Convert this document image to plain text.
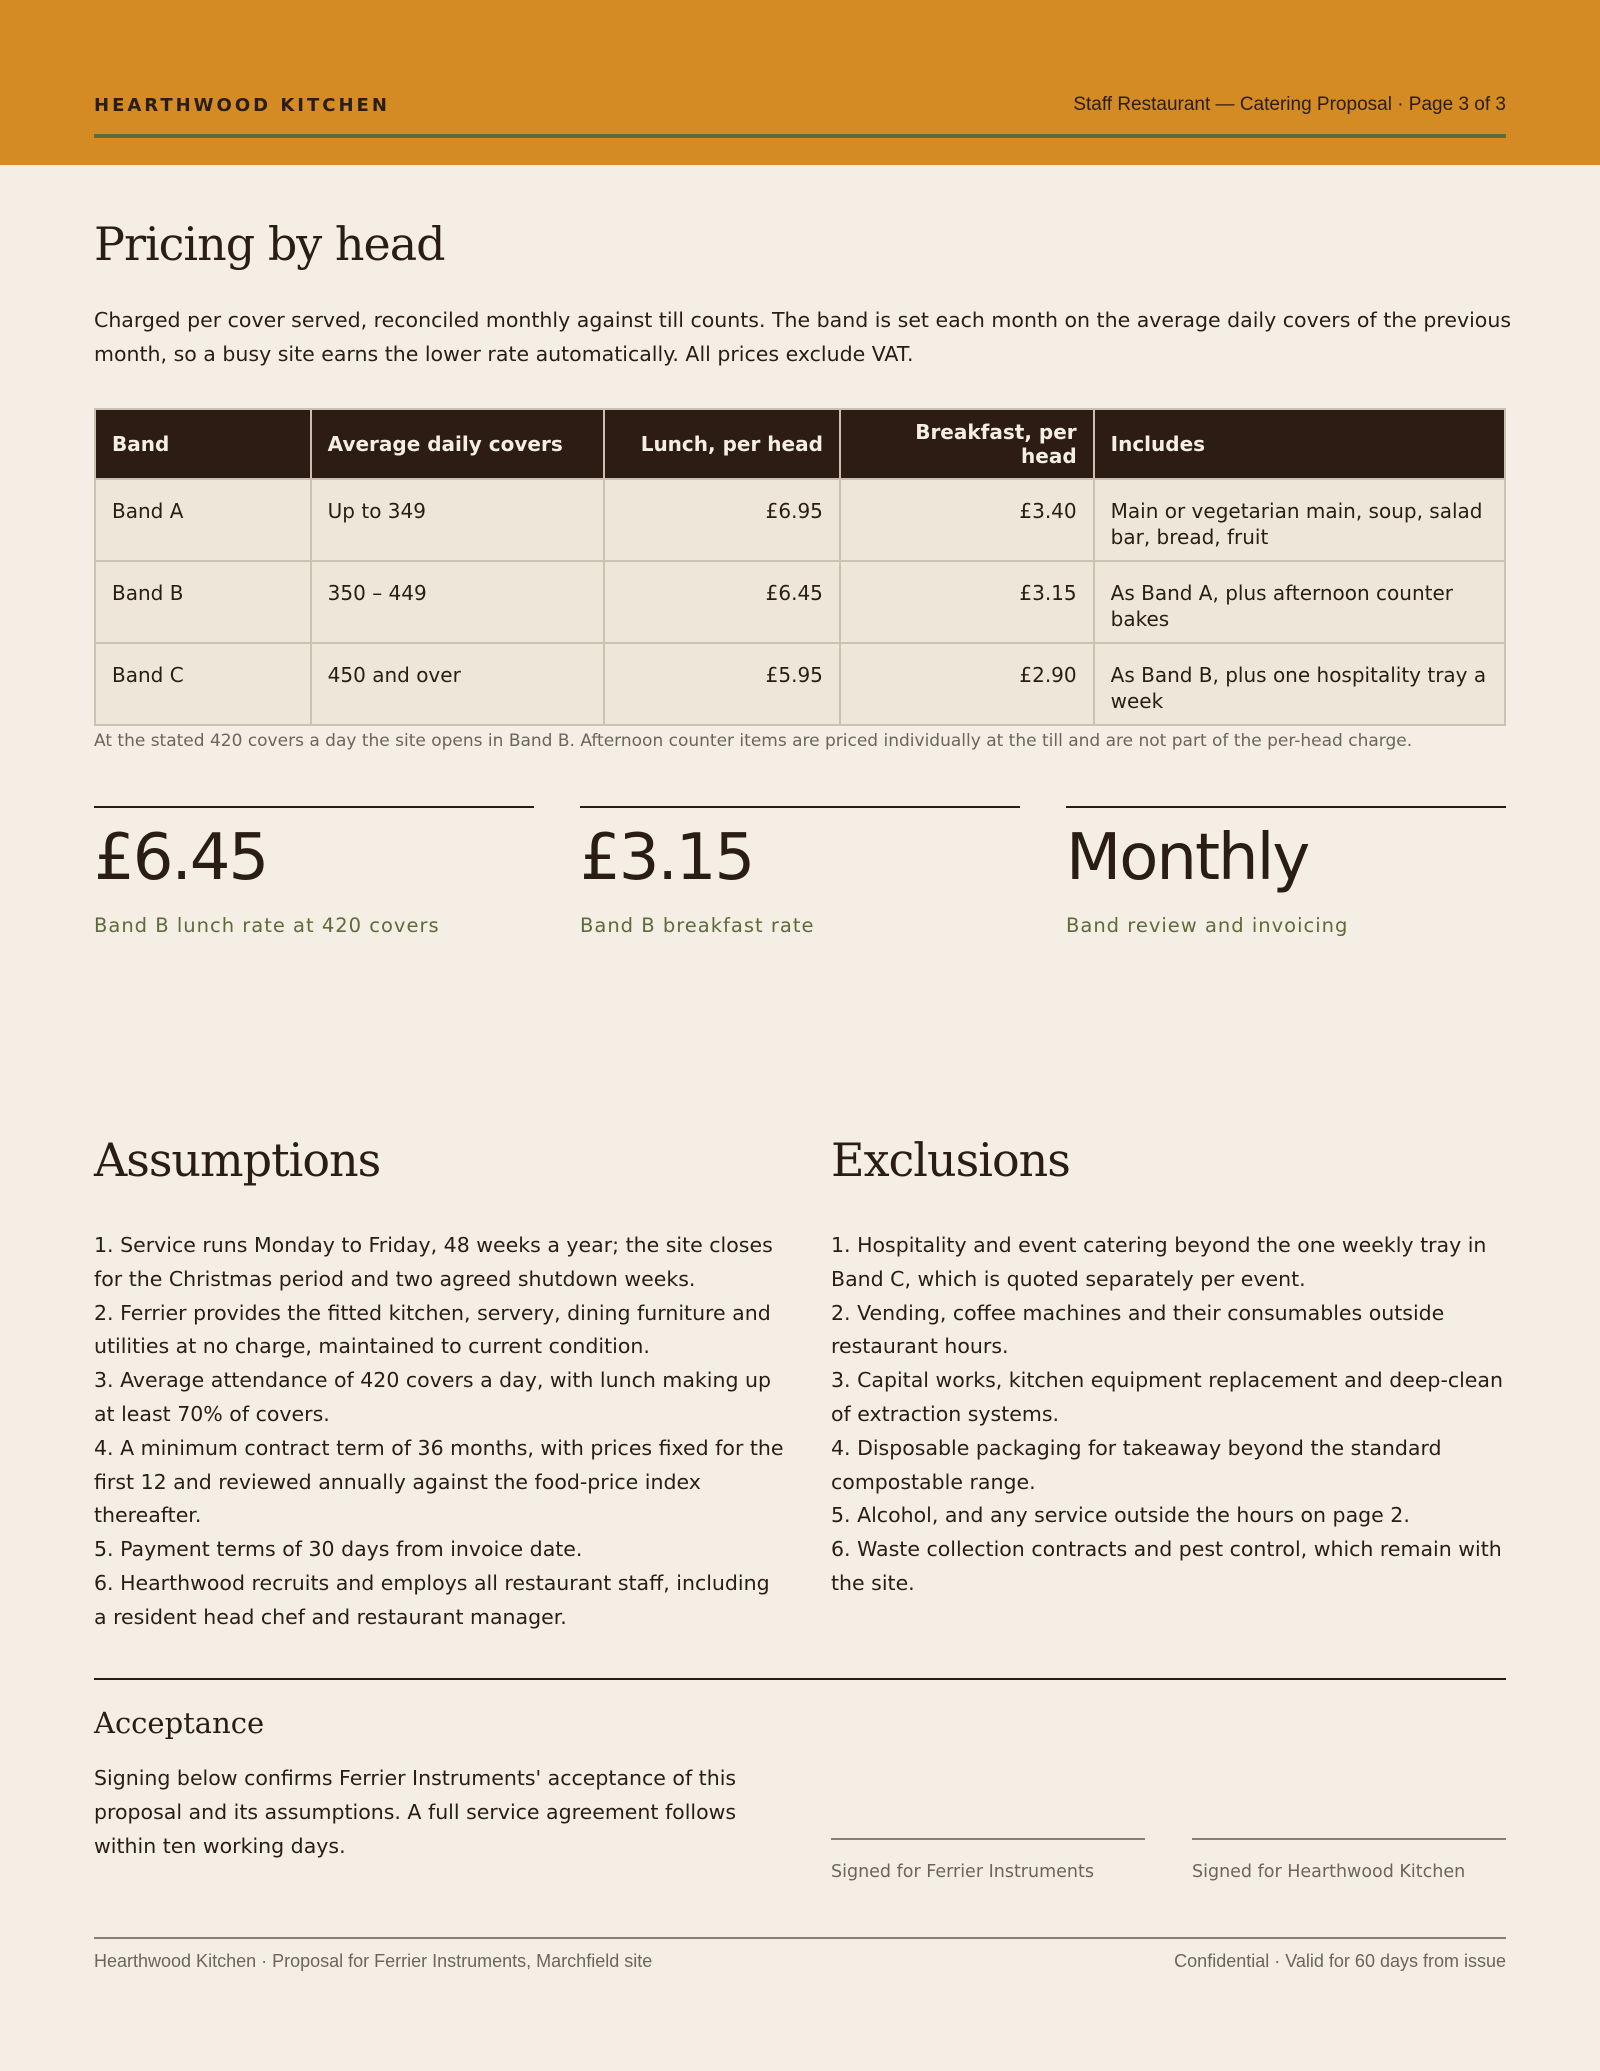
HEARTHWOOD KITCHEN	Staff Restaurant — Catering Proposal · Page 3 of 3
Pricing by head

Charged per cover served, reconciled monthly against till counts. The band is set each month on the average daily covers of the previous month, so a busy site earns the lower rate automatically. All prices exclude VAT.

Band	Average daily covers	Lunch, per head	Breakfast, per head	Includes
Band A	Up to 349	£6.95	£3.40	Main or vegetarian main, soup, salad bar, bread, fruit
Band B	350 – 449	£6.45	£3.15	As Band A, plus afternoon counter bakes
Band C	450 and over	£5.95	£2.90	As Band B, plus one hospitality tray a week

At the stated 420 covers a day the site opens in Band B. Afternoon counter items are priced individually at the till and are not part of the per-head charge.

£6.45
Band B lunch rate at 420 covers
£3.15
Band B breakfast rate
Monthly
Band review and invoicing
Assumptions
1. Service runs Monday to Friday, 48 weeks a year; the site closes for the Christmas period and two agreed shutdown weeks.
2. Ferrier provides the fitted kitchen, servery, dining furniture and utilities at no charge, maintained to current condition.
3. Average attendance of 420 covers a day, with lunch making up at least 70% of covers.
4. A minimum contract term of 36 months, with prices fixed for the first 12 and reviewed annually against the food-price index thereafter.
5. Payment terms of 30 days from invoice date.
6. Hearthwood recruits and employs all restaurant staff, including a resident head chef and restaurant manager.
Exclusions
1. Hospitality and event catering beyond the one weekly tray in Band C, which is quoted separately per event.
2. Vending, coffee machines and their consumables outside restaurant hours.
3. Capital works, kitchen equipment replacement and deep-clean of extraction systems.
4. Disposable packaging for takeaway beyond the standard compostable range.
5. Alcohol, and any service outside the hours on page 2.
6. Waste collection contracts and pest control, which remain with the site.
Acceptance

Signing below confirms Ferrier Instruments' acceptance of this proposal and its assumptions. A full service agreement follows within ten working days.

Signed for Ferrier Instruments	Signed for Hearthwood Kitchen
Hearthwood Kitchen · Proposal for Ferrier Instruments, Marchfield site	Confidential · Valid for 60 days from issue
